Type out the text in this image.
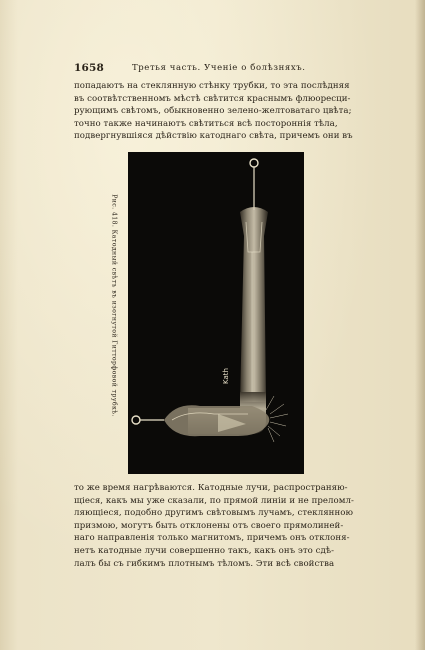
1658	Третья часть. Ученiе о болѣзняхъ.
попадаютъ на стеклянную стѣнку трубки, то эта послѣдняя
въ соотвѣтственномъ мѣстѣ свѣтится краснымъ флюоресци-
рующимъ свѣтомъ, обыкновенно зелено-желтоватаго цвѣта;
точно также начинаютъ свѣтиться всѣ постороннiя тѣла,
подвергнувшiяся дѣйствiю катоднаго свѣта, причемъ они въ
Рис. 418. Катодный свѣтъ въ изогнутой Гитторфовой трубкѣ.	Kath
то же время нагрѣваются. Катодные лучи, распространяю-
щiеся, какъ мы уже сказали, по прямой линiи и не преломл-
ляющiеся, подобно другимъ свѣтовымъ лучамъ, стеклянною
призмою, могутъ быть отклонены отъ своего прямолиней-
наго направленiя только магнитомъ, причемъ онъ отклоня-
нетъ катодные лучи совершенно такъ, какъ онъ это сдѣ-
лалъ бы съ гибкимъ плотнымъ тѣломъ. Эти всѣ свойства
